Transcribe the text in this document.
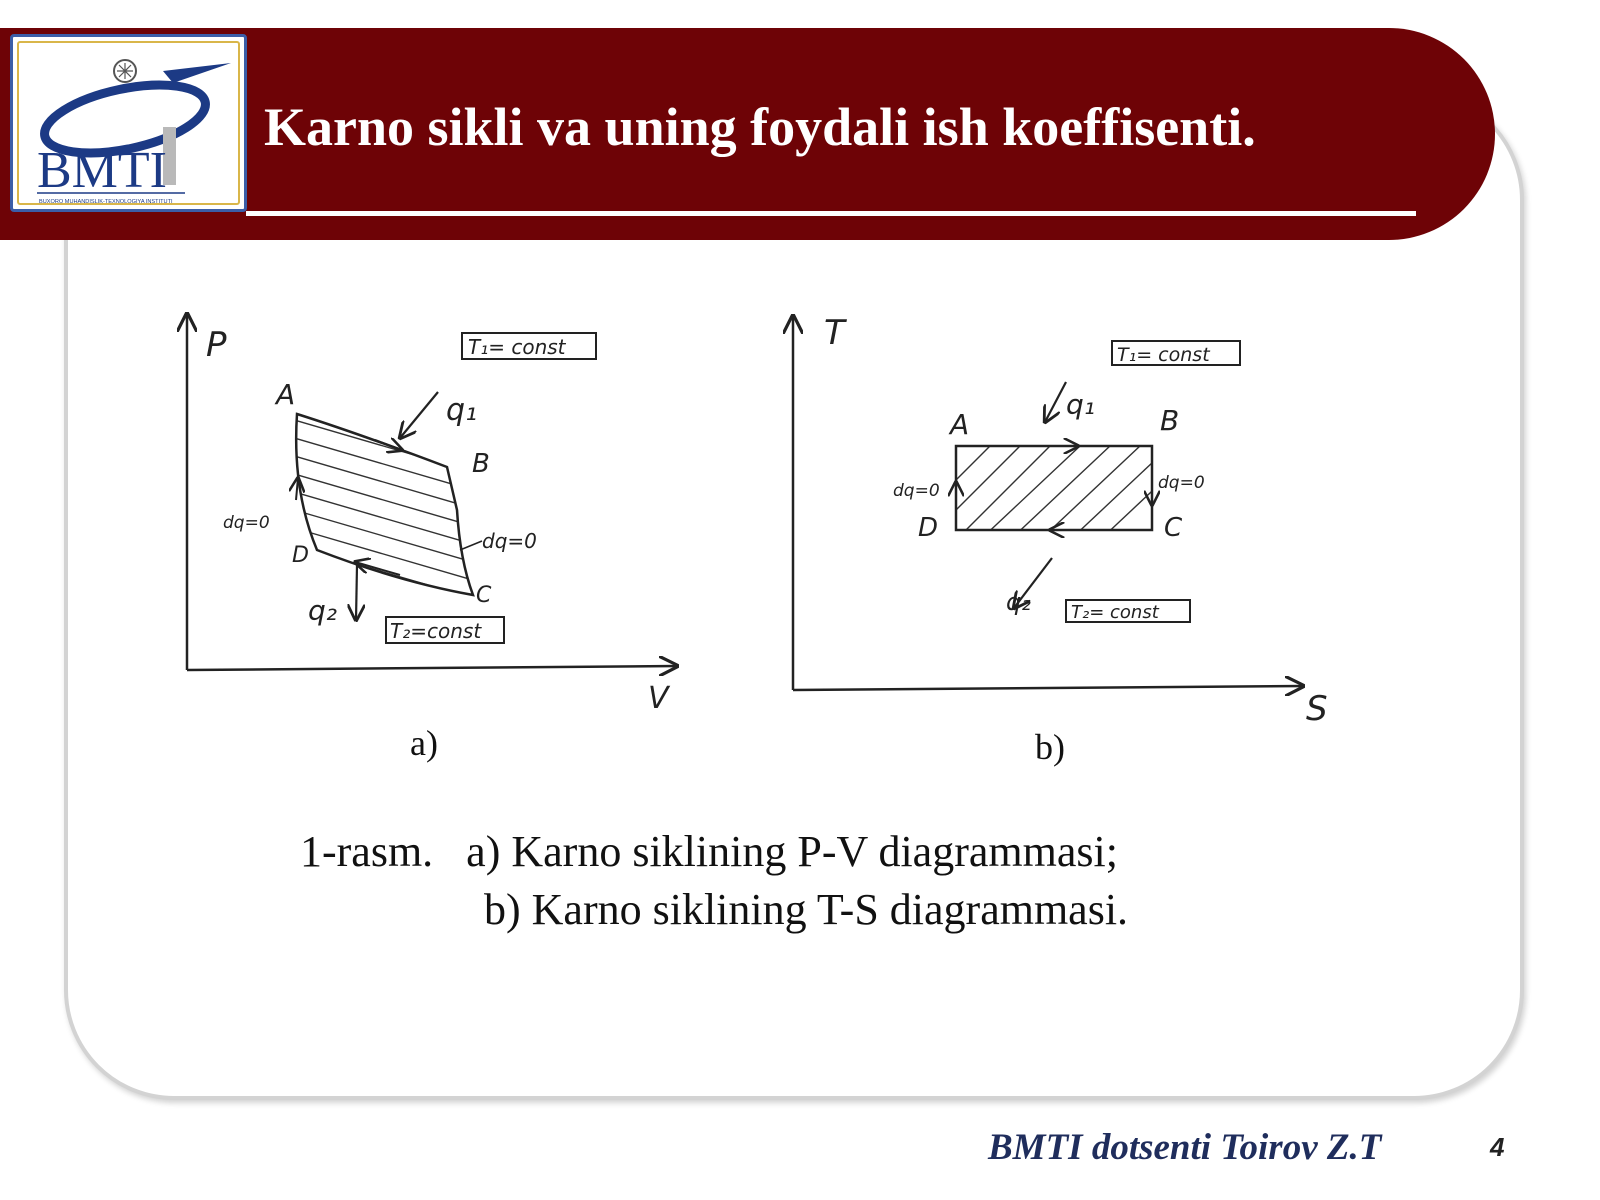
BMTI
BUXORO MUHANDISLIK-TEXNOLOGIYA INSTITUTI
Karno sikli va uning foydali ish koeffisenti.
P
V
A
B
C
D
q₁
q₂
dq=0
dq=0
T₁= const
T₂=const
a)
T
S
A	B
C
D
q₁
q₂
dq=0	dq=0
T₁= const
T₂= const
b)
1-rasm.   a) Karno siklining P-V diagrammasi;
b) Karno siklining T-S diagrammasi.
BMTI dotsenti Toirov Z.T	4
